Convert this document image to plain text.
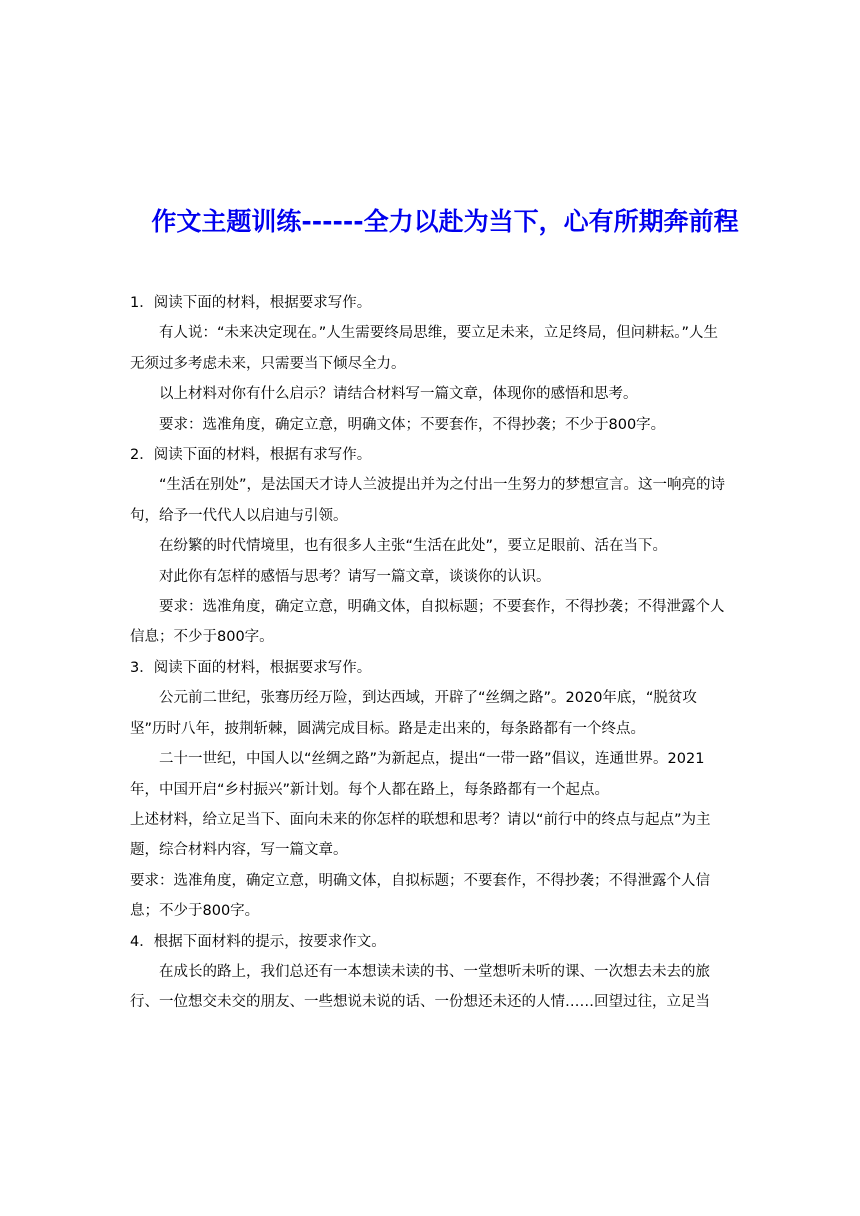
作文主题训练------全力以赴为当下，心有所期奔前程

1．阅读下面的材料，根据要求写作。

有人说：“未来决定现在。”人生需要终局思维，要立足未来，立足终局，但问耕耘。”人生无须过多考虑未来，只需要当下倾尽全力。

以上材料对你有什么启示？请结合材料写一篇文章，体现你的感悟和思考。

要求：选准角度，确定立意，明确文体；不要套作，不得抄袭；不少于800字。

2．阅读下面的材料，根据有求写作。

“生活在别处”，是法国天才诗人兰波提出并为之付出一生努力的梦想宣言。这一响亮的诗句，给予一代代人以启迪与引领。

在纷繁的时代情境里，也有很多人主张“生活在此处”，要立足眼前、活在当下。

对此你有怎样的感悟与思考？请写一篇文章，谈谈你的认识。

要求：选准角度，确定立意，明确文体，自拟标题；不要套作，不得抄袭；不得泄露个人信息；不少于800字。

3．阅读下面的材料，根据要求写作。

公元前二世纪，张骞历经万险，到达西域，开辟了“丝绸之路”。2020年底，“脱贫攻坚”历时八年，披荆斩棘，圆满完成目标。路是走出来的，每条路都有一个终点。

二十一世纪，中国人以“丝绸之路”为新起点，提出“一带一路”倡议，连通世界。2021年，中国开启“乡村振兴”新计划。每个人都在路上，每条路都有一个起点。

上述材料，给立足当下、面向未来的你怎样的联想和思考？请以“前行中的终点与起点”为主题，综合材料内容，写一篇文章。

要求：选准角度，确定立意，明确文体，自拟标题；不要套作，不得抄袭；不得泄露个人信息；不少于800字。

4．根据下面材料的提示，按要求作文。

在成长的路上，我们总还有一本想读未读的书、一堂想听未听的课、一次想去未去的旅行、一位想交未交的朋友、一些想说未说的话、一份想还未还的人情……回望过往，立足当
